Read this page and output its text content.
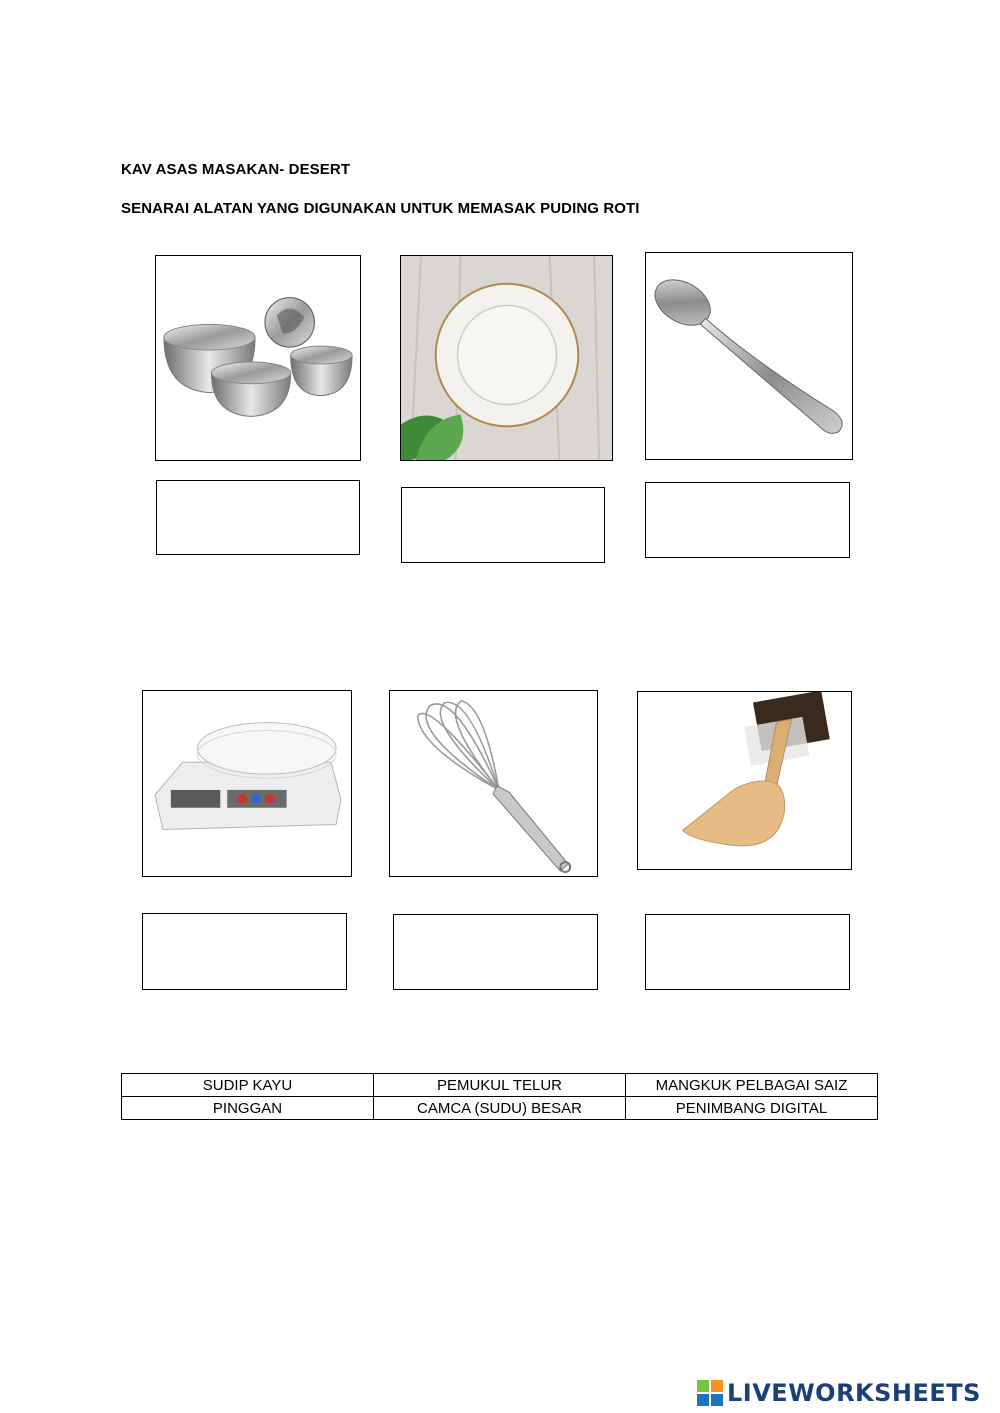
KAV ASAS MASAKAN- DESERT
SENARAI ALATAN YANG DIGUNAKAN UNTUK MEMASAK PUDING ROTI
SUDIP KAYU	PEMUKUL TELUR	MANGKUK PELBAGAI SAIZ
PINGGAN	CAMCA (SUDU) BESAR	PENIMBANG DIGITAL
LIVEWORKSHEETS
